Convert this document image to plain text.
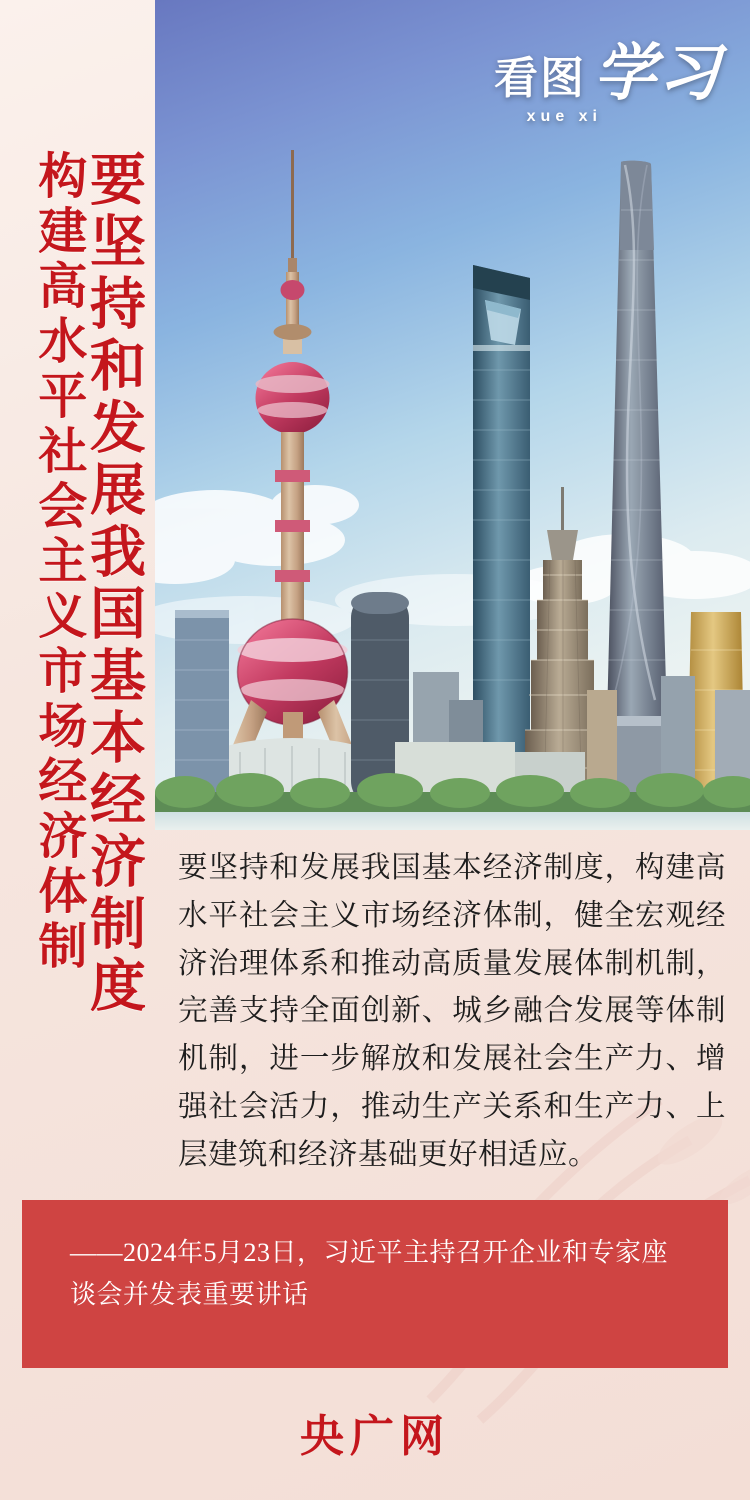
看图 学习
xue xi
要坚持和发展我国基本经济制度
构建高水平社会主义市场经济体制	要坚持和发展我国基本经济制度，构建高水平社会主义市场经济体制，健全宏观经济治理体系和推动高质量发展体制机制，完善支持全面创新、城乡融合发展等体制机制，进一步解放和发展社会生产力、增强社会活力，推动生产关系和生产力、上层建筑和经济基础更好相适应。
——2024年5月23日，习近平主持召开企业和专家座谈会并发表重要讲话
央广网
